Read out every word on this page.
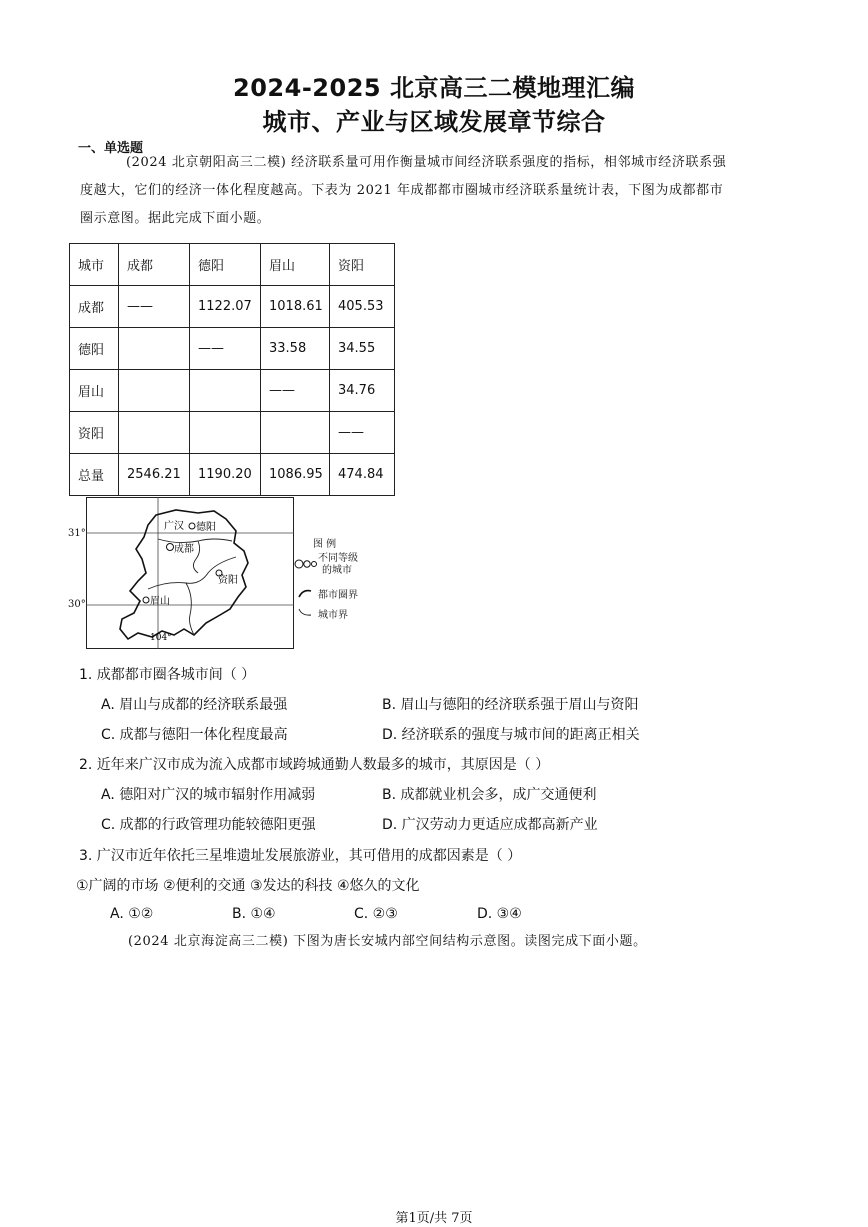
2024-2025 北京高三二模地理汇编
城市、产业与区域发展章节综合
一、单选题
(2024 北京朝阳高三二模) 经济联系量可用作衡量城市间经济联系强度的指标，相邻城市经济联系强
度越大，它们的经济一体化程度越高。下表为 2021 年成都都市圈城市经济联系量统计表，下图为成都都市
圈示意图。据此完成下面小题。
城市	成都	德阳	眉山	资阳
成都	——	1122.07	1018.61	405.53
德阳		——	33.58	34.55
眉山			——	34.76
资阳				——
总量	2546.21	1190.20	1086.95	474.84
广汉 德阳
成都
资阳
眉山
104°
31°
30°
图 例
不同等级
的城市
都市圈界
城市界
1. 成都都市圈各城市间（ ）
A. 眉山与成都的经济联系最强	B. 眉山与德阳的经济联系强于眉山与资阳
C. 成都与德阳一体化程度最高	D. 经济联系的强度与城市间的距离正相关
2. 近年来广汉市成为流入成都市域跨城通勤人数最多的城市，其原因是（ ）
A. 德阳对广汉的城市辐射作用减弱	B. 成都就业机会多，成广交通便利
C. 成都的行政管理功能较德阳更强	D. 广汉劳动力更适应成都高新产业
3. 广汉市近年依托三星堆遗址发展旅游业，其可借用的成都因素是（ ）
①广阔的市场 ②便利的交通 ③发达的科技 ④悠久的文化
A. ①②	B. ①④	C. ②③	D. ③④
(2024 北京海淀高三二模) 下图为唐长安城内部空间结构示意图。读图完成下面小题。
第1页/共 7页
